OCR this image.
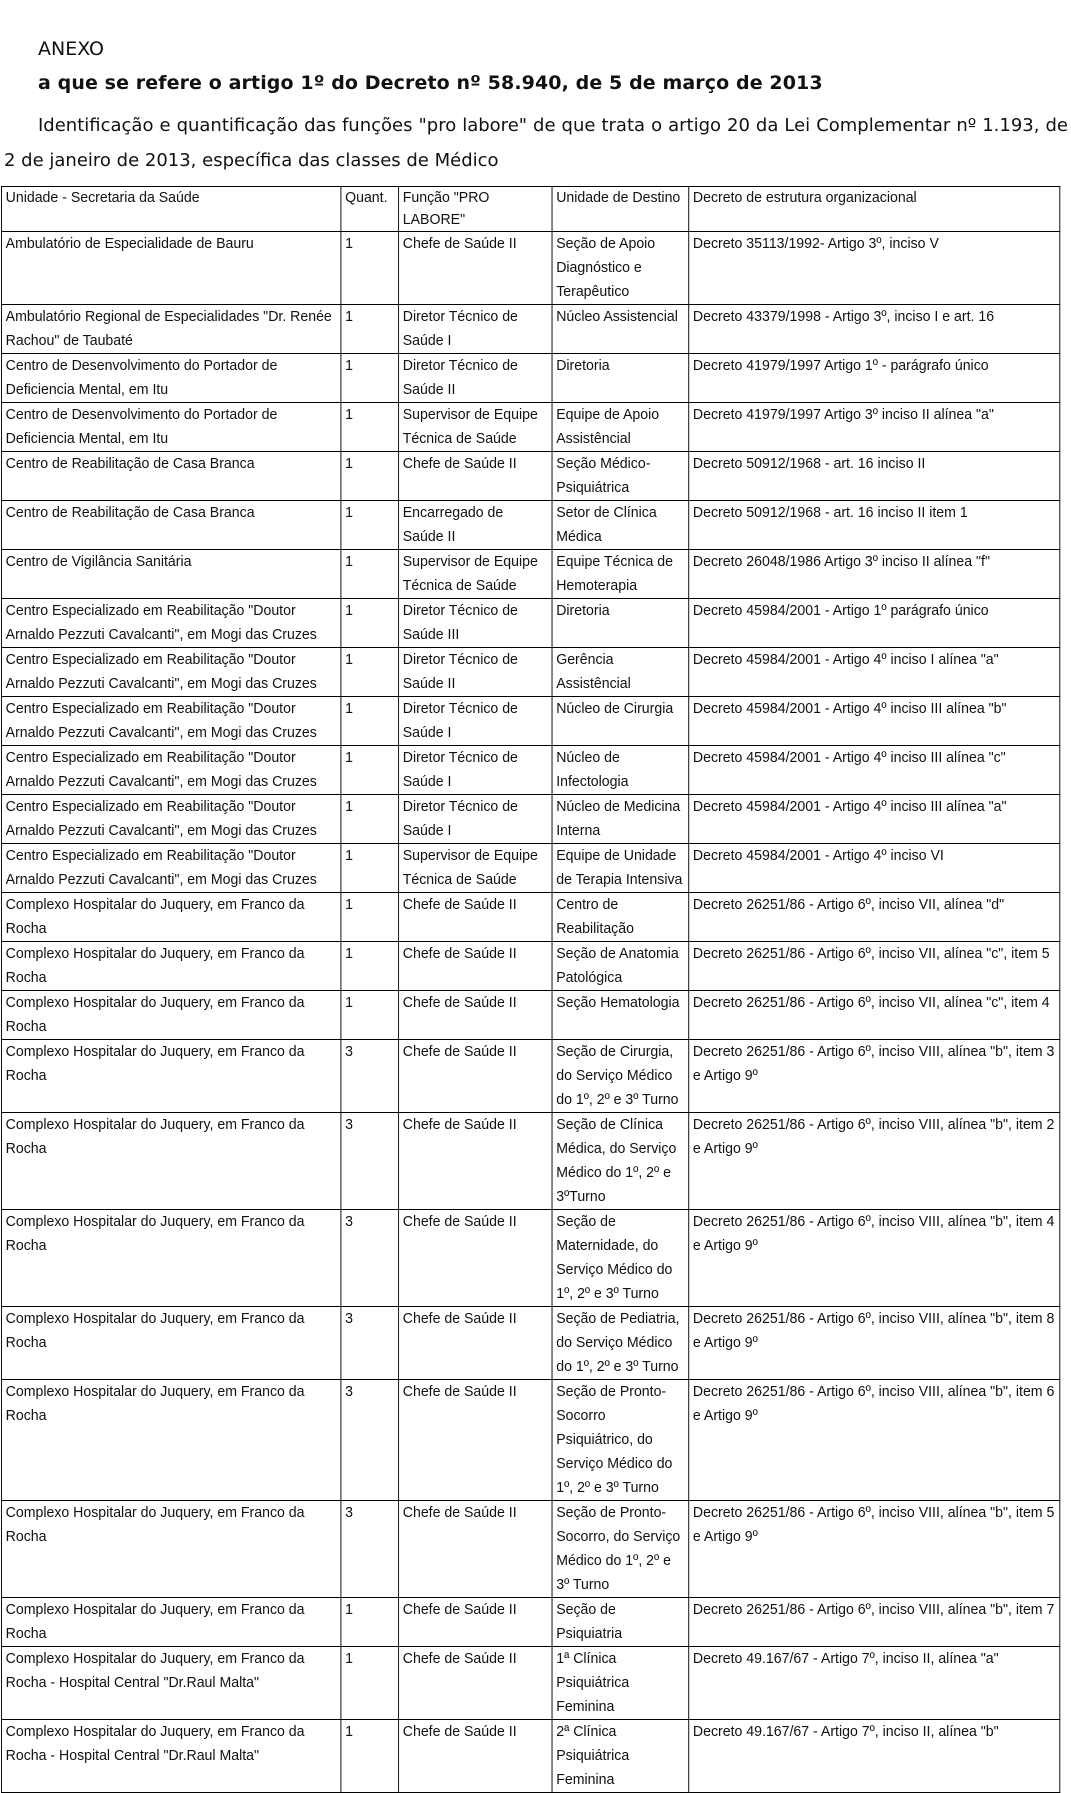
ANEXO
a que se refere o artigo 1º do Decreto nº 58.940, de 5 de março de 2013
Identificação e quantificação das funções "pro labore" de que trata o artigo 20 da Lei Complementar nº 1.193, de 2 de janeiro de 2013, específica das classes de Médico
Unidade - Secretaria da Saúde	Quant.	Função "PRO LABORE"	Unidade de Destino	Decreto de estrutura organizacional
Ambulatório de Especialidade de Bauru	1	Chefe de Saúde II	Seção de Apoio Diagnóstico e Terapêutico	Decreto 35113/1992- Artigo 3º, inciso V
Ambulatório Regional de Especialidades "Dr. Renée Rachou" de Taubaté	1	Diretor Técnico de Saúde I	Núcleo Assistencial	Decreto 43379/1998 - Artigo 3º, inciso I e art. 16
Centro de Desenvolvimento do Portador de Deficiencia Mental, em Itu	1	Diretor Técnico de Saúde II	Diretoria	Decreto 41979/1997 Artigo 1º - parágrafo único
Centro de Desenvolvimento do Portador de Deficiencia Mental, em Itu	1	Supervisor de Equipe Técnica de Saúde	Equipe de Apoio Assistêncial	Decreto 41979/1997 Artigo 3º inciso II alínea "a"
Centro de Reabilitação de Casa Branca	1	Chefe de Saúde II	Seção Médico-Psiquiátrica	Decreto 50912/1968 - art. 16 inciso II
Centro de Reabilitação de Casa Branca	1	Encarregado de Saúde II	Setor de Clínica Médica	Decreto 50912/1968 - art. 16 inciso II item 1
Centro de Vigilância Sanitária	1	Supervisor de Equipe Técnica de Saúde	Equipe Técnica de Hemoterapia	Decreto 26048/1986 Artigo 3º inciso II alínea "f"
Centro Especializado em Reabilitação "Doutor Arnaldo Pezzuti Cavalcanti", em Mogi das Cruzes	1	Diretor Técnico de Saúde III	Diretoria	Decreto 45984/2001 - Artigo 1º parágrafo único
Centro Especializado em Reabilitação "Doutor Arnaldo Pezzuti Cavalcanti", em Mogi das Cruzes	1	Diretor Técnico de Saúde II	Gerência Assistêncial	Decreto 45984/2001 - Artigo 4º inciso I alínea "a"
Centro Especializado em Reabilitação "Doutor Arnaldo Pezzuti Cavalcanti", em Mogi das Cruzes	1	Diretor Técnico de Saúde I	Núcleo de Cirurgia	Decreto 45984/2001 - Artigo 4º inciso III alínea "b"
Centro Especializado em Reabilitação "Doutor Arnaldo Pezzuti Cavalcanti", em Mogi das Cruzes	1	Diretor Técnico de Saúde I	Núcleo de Infectologia	Decreto 45984/2001 - Artigo 4º inciso III alínea "c"
Centro Especializado em Reabilitação "Doutor Arnaldo Pezzuti Cavalcanti", em Mogi das Cruzes	1	Diretor Técnico de Saúde I	Núcleo de Medicina Interna	Decreto 45984/2001 - Artigo 4º inciso III alínea "a"
Centro Especializado em Reabilitação "Doutor Arnaldo Pezzuti Cavalcanti", em Mogi das Cruzes	1	Supervisor de Equipe Técnica de Saúde	Equipe de Unidade de Terapia Intensiva	Decreto 45984/2001 - Artigo 4º inciso VI
Complexo Hospitalar do Juquery, em Franco da Rocha	1	Chefe de Saúde II	Centro de Reabilitação	Decreto 26251/86 - Artigo 6º, inciso VII, alínea "d"
Complexo Hospitalar do Juquery, em Franco da Rocha	1	Chefe de Saúde II	Seção de Anatomia Patológica	Decreto 26251/86 - Artigo 6º, inciso VII, alínea "c", item 5
Complexo Hospitalar do Juquery, em Franco da Rocha	1	Chefe de Saúde II	Seção Hematologia	Decreto 26251/86 - Artigo 6º, inciso VII, alínea "c", item 4
Complexo Hospitalar do Juquery, em Franco da Rocha	3	Chefe de Saúde II	Seção de Cirurgia, do Serviço Médico do 1º, 2º e 3º Turno	Decreto 26251/86 - Artigo 6º, inciso VIII, alínea "b", item 3 e Artigo 9º
Complexo Hospitalar do Juquery, em Franco da Rocha	3	Chefe de Saúde II	Seção de Clínica Médica, do Serviço Médico do 1º, 2º e 3ºTurno	Decreto 26251/86 - Artigo 6º, inciso VIII, alínea "b", item 2 e Artigo 9º
Complexo Hospitalar do Juquery, em Franco da Rocha	3	Chefe de Saúde II	Seção de Maternidade, do Serviço Médico do 1º, 2º e 3º Turno	Decreto 26251/86 - Artigo 6º, inciso VIII, alínea "b", item 4 e Artigo 9º
Complexo Hospitalar do Juquery, em Franco da Rocha	3	Chefe de Saúde II	Seção de Pediatria, do Serviço Médico do 1º, 2º e 3º Turno	Decreto 26251/86 - Artigo 6º, inciso VIII, alínea "b", item 8 e Artigo 9º
Complexo Hospitalar do Juquery, em Franco da Rocha	3	Chefe de Saúde II	Seção de Pronto-Socorro Psiquiátrico, do Serviço Médico do 1º, 2º e 3º Turno	Decreto 26251/86 - Artigo 6º, inciso VIII, alínea "b", item 6 e Artigo 9º
Complexo Hospitalar do Juquery, em Franco da Rocha	3	Chefe de Saúde II	Seção de Pronto-Socorro, do Serviço Médico do 1º, 2º e 3º Turno	Decreto 26251/86 - Artigo 6º, inciso VIII, alínea "b", item 5 e Artigo 9º
Complexo Hospitalar do Juquery, em Franco da Rocha	1	Chefe de Saúde II	Seção de Psiquiatria	Decreto 26251/86 - Artigo 6º, inciso VIII, alínea "b", item 7
Complexo Hospitalar do Juquery, em Franco da Rocha - Hospital Central "Dr.Raul Malta"	1	Chefe de Saúde II	1ª Clínica Psiquiátrica Feminina	Decreto 49.167/67 - Artigo 7º, inciso II, alínea "a"
Complexo Hospitalar do Juquery, em Franco da Rocha - Hospital Central "Dr.Raul Malta"	1	Chefe de Saúde II	2ª Clínica Psiquiátrica Feminina	Decreto 49.167/67 - Artigo 7º, inciso II, alínea "b"
